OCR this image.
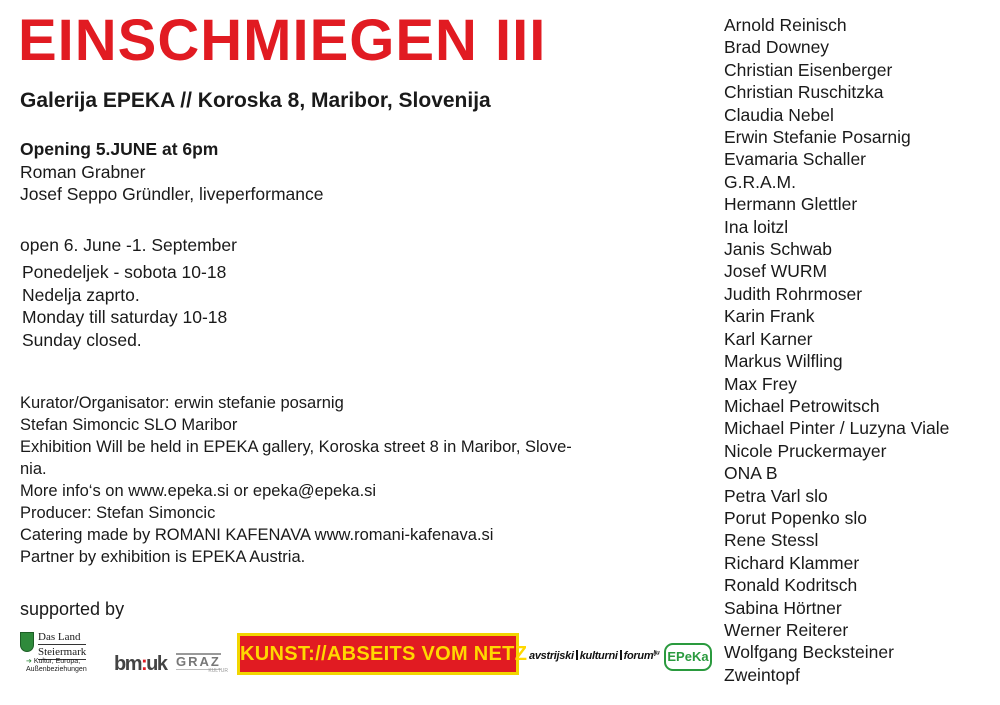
EINSCHMIEGEN III
Galerija EPEKA // Koroska 8, Maribor, Slovenija
Opening 5.JUNE at 6pm
Roman Grabner
Josef Seppo Gründler, liveperformance
open 6. June -1. September
Ponedeljek - sobota 10-18
Nedelja zaprto.
Monday till saturday 10-18
Sunday closed.
Kurator/Organisator: erwin stefanie posarnig
Stefan Simoncic SLO Maribor
Exhibition Will be held in EPEKA gallery, Koroska street 8 in Maribor, Slove-
nia.
More info‘s on www.epeka.si or epeka@epeka.si
Producer: Stefan Simoncic
Catering made by ROMANI KAFENAVA www.romani-kafenava.si
Partner by exhibition is EPEKA Austria.
supported by
Das Land
Steiermark
➔ Kultur, Europa,
Außenbeziehungen	bm:uk GRAZ
KULTUR
KUNST://ABSEITS VOM NETZ avstrijski kulturni forum$^{lju}$ EPeKa
Arnold Reinisch
Brad Downey
Christian Eisenberger
Christian Ruschitzka
Claudia Nebel
Erwin Stefanie Posarnig
Evamaria Schaller
G.R.A.M.
Hermann Glettler
Ina loitzl
Janis Schwab
Josef WURM
Judith Rohrmoser
Karin Frank
Karl Karner
Markus Wilfling
Max Frey
Michael Petrowitsch
Michael Pinter / Luzyna Viale
Nicole Pruckermayer
ONA B
Petra Varl slo
Porut Popenko slo
Rene Stessl
Richard Klammer
Ronald Kodritsch
Sabina Hörtner
Werner Reiterer
Wolfgang Becksteiner
Zweintopf
